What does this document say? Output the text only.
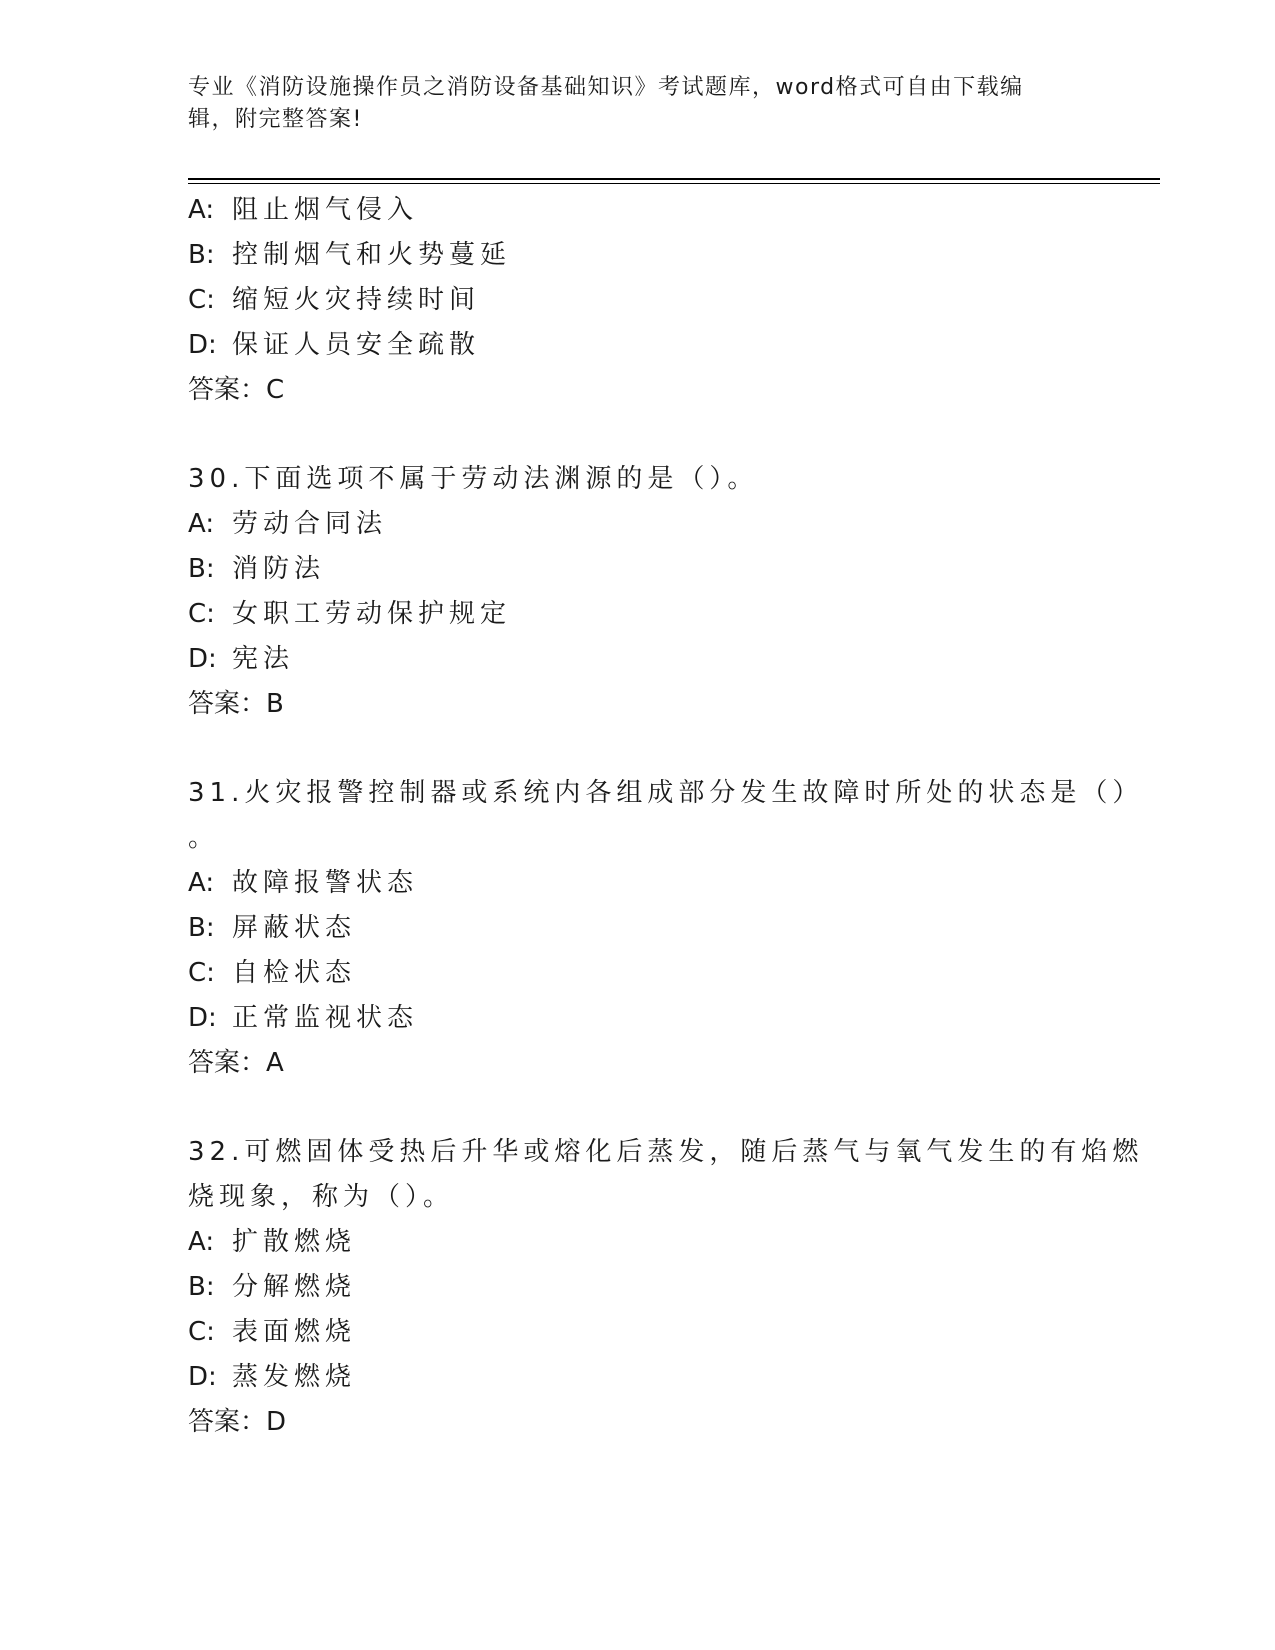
专业《消防设施操作员之消防设备基础知识》考试题库，word格式可自由下载编
辑，附完整答案!
A: 阻止烟气侵入
B: 控制烟气和火势蔓延
C: 缩短火灾持续时间
D: 保证人员安全疏散
答案：C
30.下面选项不属于劳动法渊源的是（）。
A: 劳动合同法
B: 消防法
C: 女职工劳动保护规定
D: 宪法
答案：B
31.火灾报警控制器或系统内各组成部分发生故障时所处的状态是（）
。
A: 故障报警状态
B: 屏蔽状态
C: 自检状态
D: 正常监视状态
答案：A
32.可燃固体受热后升华或熔化后蒸发，随后蒸气与氧气发生的有焰燃
烧现象，称为（）。
A: 扩散燃烧
B: 分解燃烧
C: 表面燃烧
D: 蒸发燃烧
答案：D
